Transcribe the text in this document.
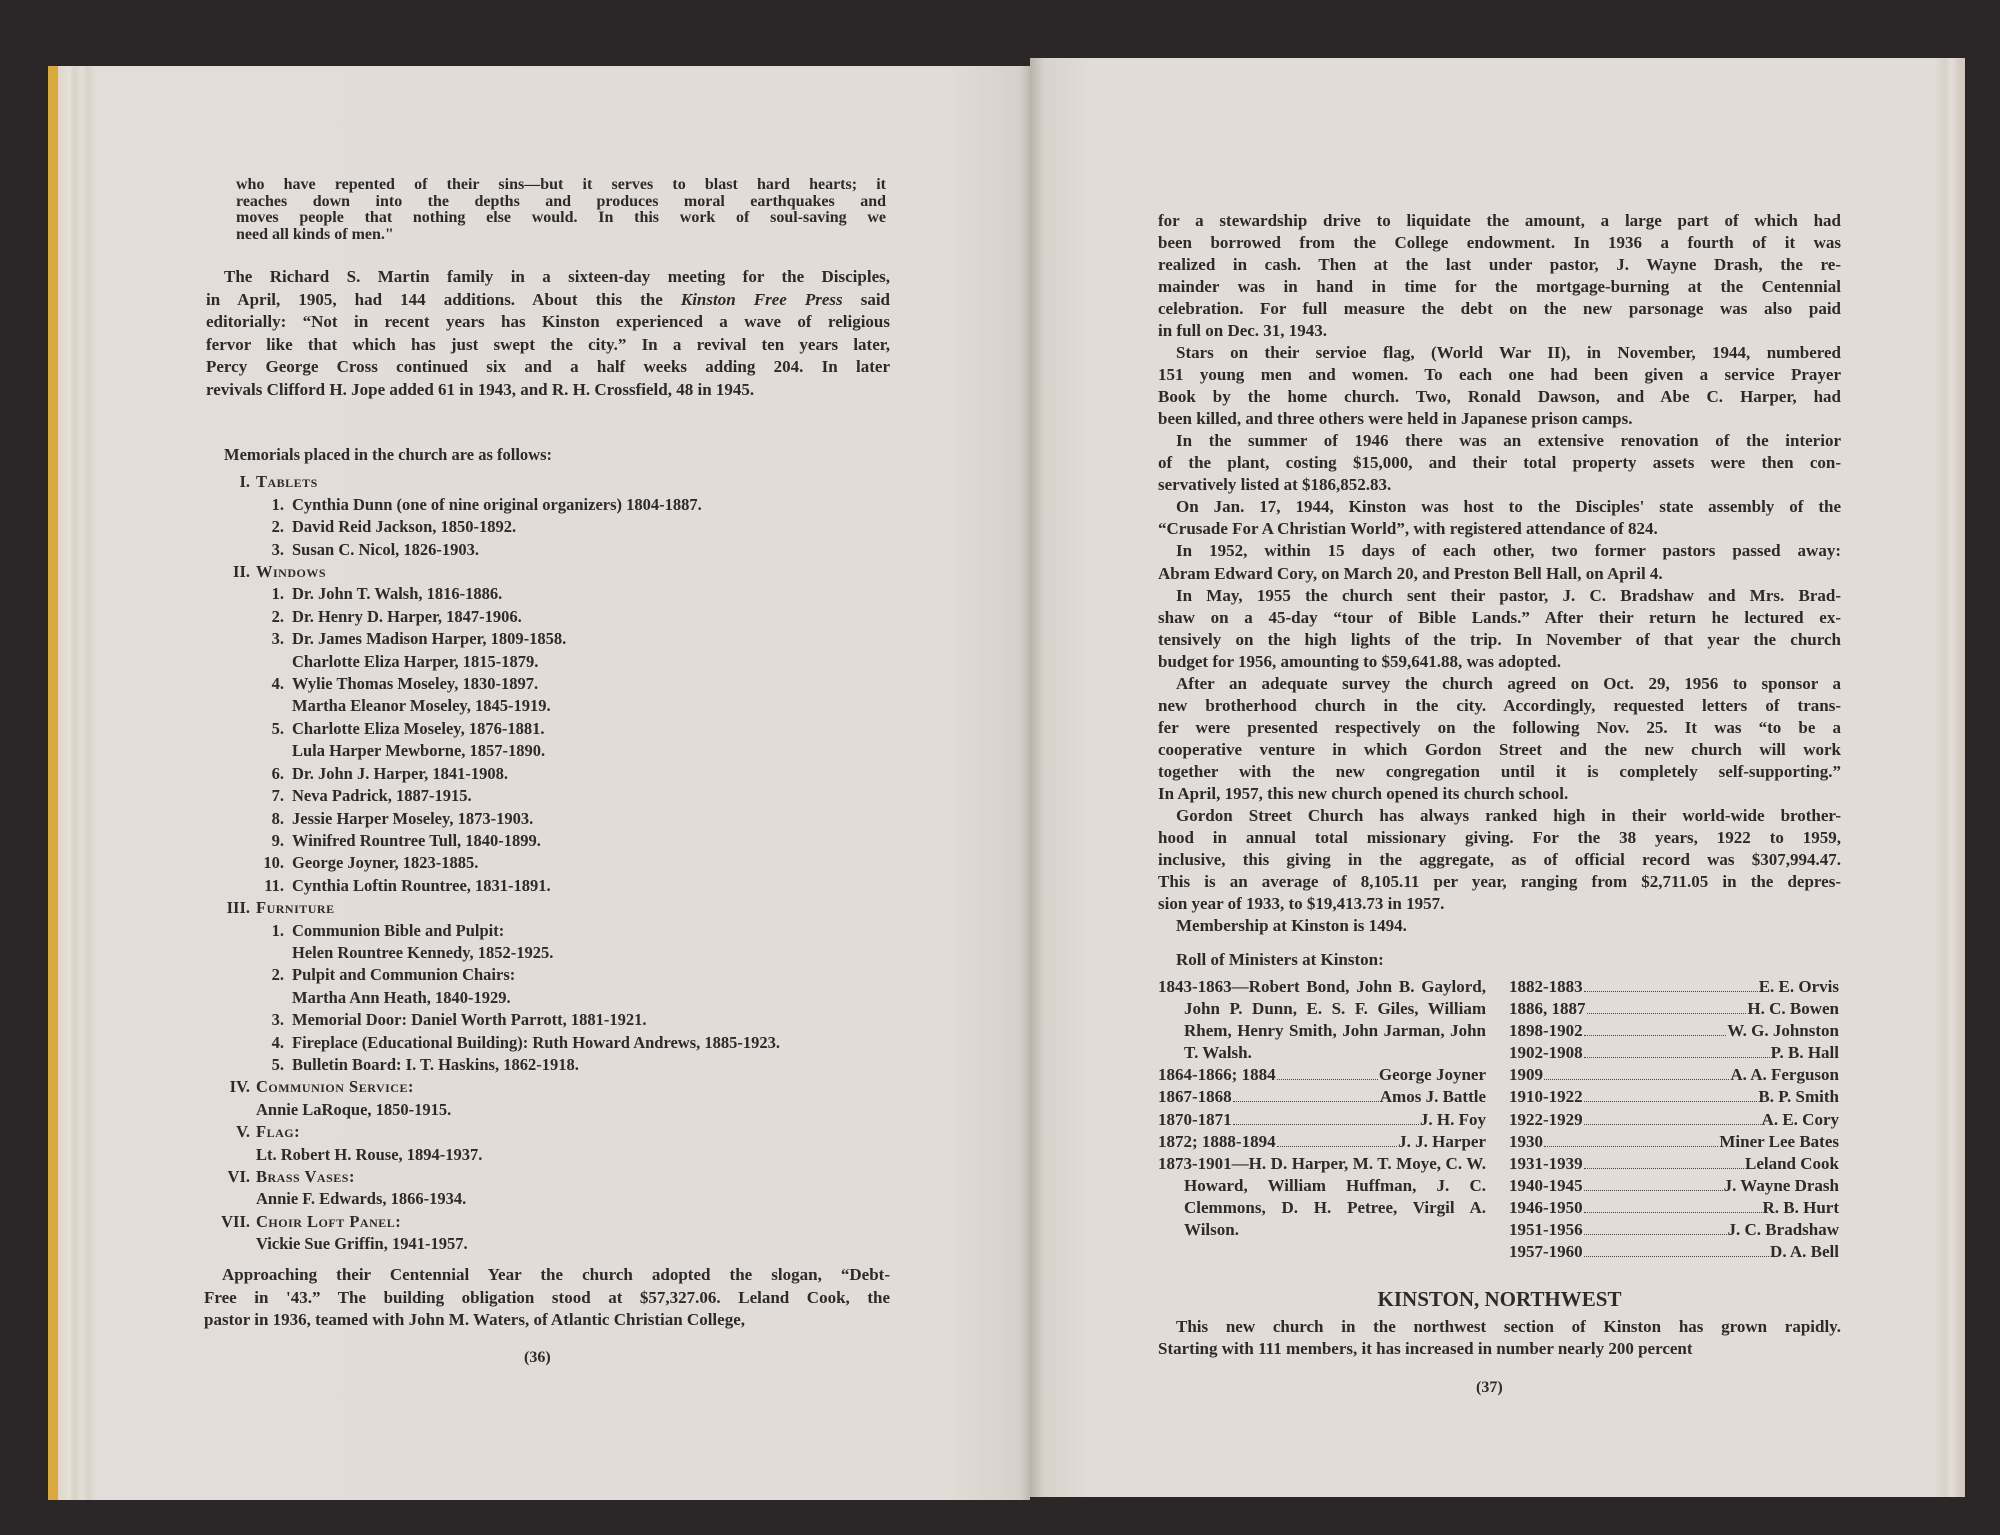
who have repented of their sins—but it serves to blast hard hearts; it
reaches down into the depths and produces moral earthquakes and
moves people that nothing else would. In this work of soul-saving we
need all kinds of men."
The Richard S. Martin family in a sixteen-day meeting for the Disciples,
in April, 1905, had 144 additions. About this the Kinston Free Press said
editorially: “Not in recent years has Kinston experienced a wave of religious
fervor like that which has just swept the city.” In a revival ten years later,
Percy George Cross continued six and a half weeks adding 204. In later
revivals Clifford H. Jope added 61 in 1943, and R. H. Crossfield, 48 in 1945.
Memorials placed in the church are as follows:
I. Tablets
1. Cynthia Dunn (one of nine original organizers) 1804-1887.
2. David Reid Jackson, 1850-1892.
3. Susan C. Nicol, 1826-1903.
II. Windows
1. Dr. John T. Walsh, 1816-1886.
2. Dr. Henry D. Harper, 1847-1906.
3. Dr. James Madison Harper, 1809-1858.
Charlotte Eliza Harper, 1815-1879.
4. Wylie Thomas Moseley, 1830-1897.
Martha Eleanor Moseley, 1845-1919.
5. Charlotte Eliza Moseley, 1876-1881.
Lula Harper Mewborne, 1857-1890.
6. Dr. John J. Harper, 1841-1908.
7. Neva Padrick, 1887-1915.
8. Jessie Harper Moseley, 1873-1903.
9. Winifred Rountree Tull, 1840-1899.
10. George Joyner, 1823-1885.
11. Cynthia Loftin Rountree, 1831-1891.
III. Furniture
1. Communion Bible and Pulpit:
Helen Rountree Kennedy, 1852-1925.
2. Pulpit and Communion Chairs:
Martha Ann Heath, 1840-1929.
3. Memorial Door: Daniel Worth Parrott, 1881-1921.
4. Fireplace (Educational Building): Ruth Howard Andrews, 1885-1923.
5. Bulletin Board: I. T. Haskins, 1862-1918.
IV. Communion Service:
Annie LaRoque, 1850-1915.
V. Flag:
Lt. Robert H. Rouse, 1894-1937.
VI. Brass Vases:
Annie F. Edwards, 1866-1934.
VII. Choir Loft Panel:
Vickie Sue Griffin, 1941-1957.
Approaching their Centennial Year the church adopted the slogan, “Debt-
Free in '43.” The building obligation stood at $57,327.06. Leland Cook, the
pastor in 1936, teamed with John M. Waters, of Atlantic Christian College,
(36)
for a stewardship drive to liquidate the amount, a large part of which had
been borrowed from the College endowment. In 1936 a fourth of it was
realized in cash. Then at the last under pastor, J. Wayne Drash, the re-
mainder was in hand in time for the mortgage-burning at the Centennial
celebration. For full measure the debt on the new parsonage was also paid
in full on Dec. 31, 1943.
Stars on their servioe flag, (World War II), in November, 1944, numbered
151 young men and women. To each one had been given a service Prayer
Book by the home church. Two, Ronald Dawson, and Abe C. Harper, had
been killed, and three others were held in Japanese prison camps.
In the summer of 1946 there was an extensive renovation of the interior
of the plant, costing $15,000, and their total property assets were then con-
servatively listed at $186,852.83.
On Jan. 17, 1944, Kinston was host to the Disciples' state assembly of the
“Crusade For A Christian World”, with registered attendance of 824.
In 1952, within 15 days of each other, two former pastors passed away:
Abram Edward Cory, on March 20, and Preston Bell Hall, on April 4.
In May, 1955 the church sent their pastor, J. C. Bradshaw and Mrs. Brad-
shaw on a 45-day “tour of Bible Lands.” After their return he lectured ex-
tensively on the high lights of the trip. In November of that year the church
budget for 1956, amounting to $59,641.88, was adopted.
After an adequate survey the church agreed on Oct. 29, 1956 to sponsor a
new brotherhood church in the city. Accordingly, requested letters of trans-
fer were presented respectively on the following Nov. 25. It was “to be a
cooperative venture in which Gordon Street and the new church will work
together with the new congregation until it is completely self-supporting.”
In April, 1957, this new church opened its church school.
Gordon Street Church has always ranked high in their world-wide brother-
hood in annual total missionary giving. For the 38 years, 1922 to 1959,
inclusive, this giving in the aggregate, as of official record was $307,994.47.
This is an average of 8,105.11 per year, ranging from $2,711.05 in the depres-
sion year of 1933, to $19,413.73 in 1957.
Membership at Kinston is 1494.
Roll of Ministers at Kinston:
1843-1863—Robert Bond, John B. Gaylord, John P. Dunn, E. S. F. Giles, William Rhem, Henry Smith, John Jarman, John T. Walsh.
1864-1866; 1884	George Joyner
1867-1868	Amos J. Battle
1870-1871	J. H. Foy
1872; 1888-1894	J. J. Harper
1873-1901—H. D. Harper, M. T. Moye, C. W. Howard, William Huffman, J. C. Clemmons, D. H. Petree, Virgil A. Wilson.
1882-1883	E. E. Orvis
1886, 1887	H. C. Bowen
1898-1902	W. G. Johnston
1902-1908	P. B. Hall
1909	A. A. Ferguson
1910-1922	B. P. Smith
1922-1929	A. E. Cory
1930	Miner Lee Bates
1931-1939	Leland Cook
1940-1945	J. Wayne Drash
1946-1950	R. B. Hurt
1951-1956	J. C. Bradshaw
1957-1960	D. A. Bell
KINSTON, NORTHWEST
This new church in the northwest section of Kinston has grown rapidly.
Starting with 111 members, it has increased in number nearly 200 percent
(37)
